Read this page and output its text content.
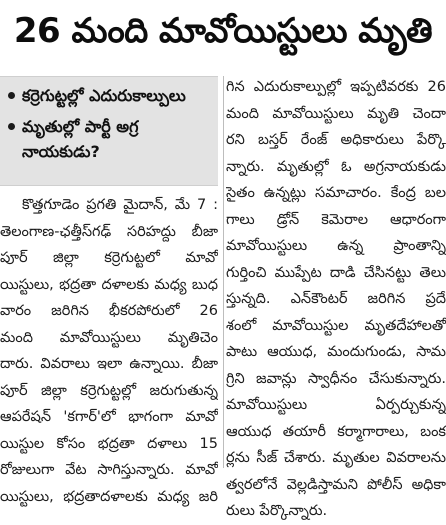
26 మంది మావోయిస్టులు మృతి
కర్రెగుట్టల్లో ఎదురుకాల్పులు
మృతుల్లో పార్టీ అగ్ర నాయకుడు?
కొత్తగూడెం ప్రగతి మైదాన్, మే 7 :
తెలంగాణ-ఛత్తీస్‌గఢ్ సరిహద్దు బీజా
పూర్ జిల్లా కర్రెగుట్టలో మావో
యిస్టులు, భద్రతా దళాలకు మధ్య బుధ
వారం జరిగిన భీకరపోరులో 26
మంది మావోయిస్టులు మృతిచెం
దారు. వివరాలు ఇలా ఉన్నాయి. బీజా
పూర్ జిల్లా కర్రెగుట్టల్లో జరుగుతున్న
ఆపరేషన్ 'కగార్'లో భాగంగా మావో
యిస్టుల కోసం భద్రతా దళాలు 15
రోజులుగా వేట సాగిస్తున్నారు. మావో
యిస్టులు, భద్రతాదళాలకు మధ్య జరి
గిన ఎదురుకాల్పుల్లో ఇప్పటివరకు 26
మంది మావోయిస్టులు మృతి చెందా
రని బస్తర్ రేంజ్ అధికారులు పేర్కొ
న్నారు. మృతుల్లో ఓ అగ్రనాయకుడు
సైతం ఉన్నట్లు సమాచారం. కేంద్ర బల
గాలు డ్రోన్ కెమెరాల ఆధారంగా
మావోయిస్టులు ఉన్న ప్రాంతాన్ని
గుర్తించి ముప్పేట దాడి చేసినట్టు తెలు
స్తున్నది. ఎన్‌కౌంటర్ జరిగిన ప్రదే
శంలో మావోయిస్టుల మృతదేహాలతో
పాటు ఆయుధ, మందుగుండు, సామ
గ్రిని జవాన్లు స్వాధీనం చేసుకున్నారు.
మావోయిస్టులు ఏర్పర్చుకున్న
ఆయుధ తయారీ కర్మాగారాలు, బంక
ర్లను సీజ్ చేశారు. మృతుల వివరాలను
త్వరలోనే వెల్లడిస్తామని పోలీస్ అధికా
రులు పేర్కొన్నారు.
